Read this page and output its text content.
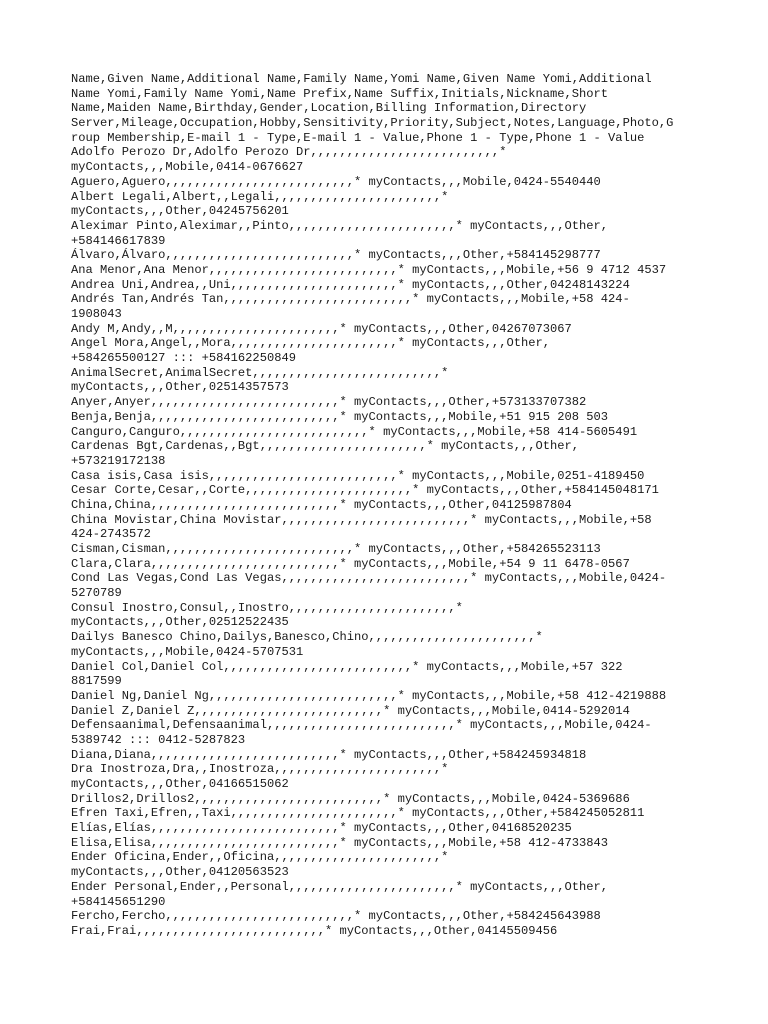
Name,Given Name,Additional Name,Family Name,Yomi Name,Given Name Yomi,Additional
Name Yomi,Family Name Yomi,Name Prefix,Name Suffix,Initials,Nickname,Short
Name,Maiden Name,Birthday,Gender,Location,Billing Information,Directory
Server,Mileage,Occupation,Hobby,Sensitivity,Priority,Subject,Notes,Language,Photo,G
roup Membership,E-mail 1 - Type,E-mail 1 - Value,Phone 1 - Type,Phone 1 - Value
Adolfo Perozo Dr,Adolfo Perozo Dr,,,,,,,,,,,,,,,,,,,,,,,,,,*
myContacts,,,Mobile,0414-0676627
Aguero,Aguero,,,,,,,,,,,,,,,,,,,,,,,,,,* myContacts,,,Mobile,0424-5540440
Albert Legali,Albert,,Legali,,,,,,,,,,,,,,,,,,,,,,,*
myContacts,,,Other,04245756201
Aleximar Pinto,Aleximar,,Pinto,,,,,,,,,,,,,,,,,,,,,,,* myContacts,,,Other,
+584146617839
Álvaro,Álvaro,,,,,,,,,,,,,,,,,,,,,,,,,,* myContacts,,,Other,+584145298777
Ana Menor,Ana Menor,,,,,,,,,,,,,,,,,,,,,,,,,,* myContacts,,,Mobile,+56 9 4712 4537
Andrea Uni,Andrea,,Uni,,,,,,,,,,,,,,,,,,,,,,,* myContacts,,,Other,04248143224
Andrés Tan,Andrés Tan,,,,,,,,,,,,,,,,,,,,,,,,,,* myContacts,,,Mobile,+58 424-
1908043
Andy M,Andy,,M,,,,,,,,,,,,,,,,,,,,,,,* myContacts,,,Other,04267073067
Angel Mora,Angel,,Mora,,,,,,,,,,,,,,,,,,,,,,,* myContacts,,,Other,
+584265500127 ::: +584162250849
AnimalSecret,AnimalSecret,,,,,,,,,,,,,,,,,,,,,,,,,,*
myContacts,,,Other,02514357573
Anyer,Anyer,,,,,,,,,,,,,,,,,,,,,,,,,,* myContacts,,,Other,+573133707382
Benja,Benja,,,,,,,,,,,,,,,,,,,,,,,,,,* myContacts,,,Mobile,+51 915 208 503
Canguro,Canguro,,,,,,,,,,,,,,,,,,,,,,,,,,* myContacts,,,Mobile,+58 414-5605491
Cardenas Bgt,Cardenas,,Bgt,,,,,,,,,,,,,,,,,,,,,,,* myContacts,,,Other,
+573219172138
Casa isis,Casa isis,,,,,,,,,,,,,,,,,,,,,,,,,,* myContacts,,,Mobile,0251-4189450
Cesar Corte,Cesar,,Corte,,,,,,,,,,,,,,,,,,,,,,,* myContacts,,,Other,+584145048171
China,China,,,,,,,,,,,,,,,,,,,,,,,,,,* myContacts,,,Other,04125987804
China Movistar,China Movistar,,,,,,,,,,,,,,,,,,,,,,,,,,* myContacts,,,Mobile,+58
424-2743572
Cisman,Cisman,,,,,,,,,,,,,,,,,,,,,,,,,,* myContacts,,,Other,+584265523113
Clara,Clara,,,,,,,,,,,,,,,,,,,,,,,,,,* myContacts,,,Mobile,+54 9 11 6478-0567
Cond Las Vegas,Cond Las Vegas,,,,,,,,,,,,,,,,,,,,,,,,,,* myContacts,,,Mobile,0424-
5270789
Consul Inostro,Consul,,Inostro,,,,,,,,,,,,,,,,,,,,,,,*
myContacts,,,Other,02512522435
Dailys Banesco Chino,Dailys,Banesco,Chino,,,,,,,,,,,,,,,,,,,,,,,*
myContacts,,,Mobile,0424-5707531
Daniel Col,Daniel Col,,,,,,,,,,,,,,,,,,,,,,,,,,* myContacts,,,Mobile,+57 322
8817599
Daniel Ng,Daniel Ng,,,,,,,,,,,,,,,,,,,,,,,,,,* myContacts,,,Mobile,+58 412-4219888
Daniel Z,Daniel Z,,,,,,,,,,,,,,,,,,,,,,,,,,* myContacts,,,Mobile,0414-5292014
Defensaanimal,Defensaanimal,,,,,,,,,,,,,,,,,,,,,,,,,,* myContacts,,,Mobile,0424-
5389742 ::: 0412-5287823
Diana,Diana,,,,,,,,,,,,,,,,,,,,,,,,,,* myContacts,,,Other,+584245934818
Dra Inostroza,Dra,,Inostroza,,,,,,,,,,,,,,,,,,,,,,,*
myContacts,,,Other,04166515062
Drillos2,Drillos2,,,,,,,,,,,,,,,,,,,,,,,,,,* myContacts,,,Mobile,0424-5369686
Efren Taxi,Efren,,Taxi,,,,,,,,,,,,,,,,,,,,,,,* myContacts,,,Other,+584245052811
Elías,Elías,,,,,,,,,,,,,,,,,,,,,,,,,,* myContacts,,,Other,04168520235
Elisa,Elisa,,,,,,,,,,,,,,,,,,,,,,,,,,* myContacts,,,Mobile,+58 412-4733843
Ender Oficina,Ender,,Oficina,,,,,,,,,,,,,,,,,,,,,,,*
myContacts,,,Other,04120563523
Ender Personal,Ender,,Personal,,,,,,,,,,,,,,,,,,,,,,,* myContacts,,,Other,
+584145651290
Fercho,Fercho,,,,,,,,,,,,,,,,,,,,,,,,,,* myContacts,,,Other,+584245643988
Frai,Frai,,,,,,,,,,,,,,,,,,,,,,,,,,* myContacts,,,Other,04145509456
